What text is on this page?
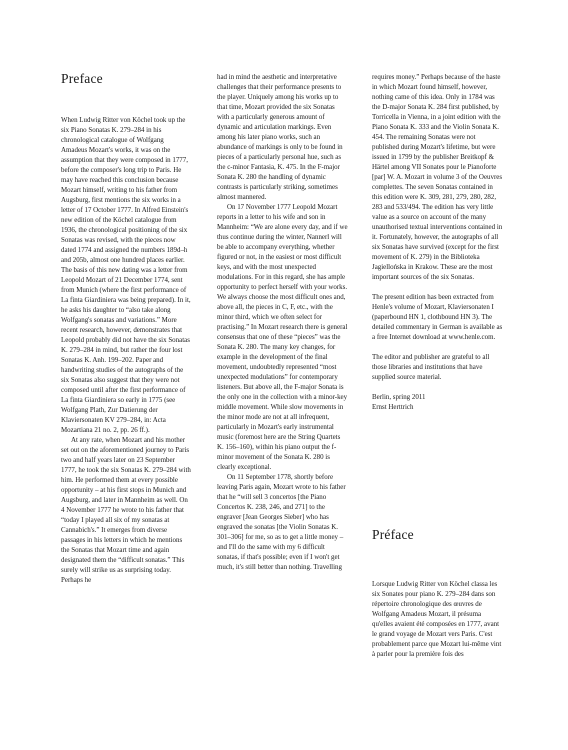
Preface

When Ludwig Ritter von Köchel took up the six Piano Sonatas K. 279–284 in his chronological catalogue of Wolfgang Amadeus Mozart's works, it was on the assumption that they were composed in 1777, before the composer's long trip to Paris. He may have reached this conclusion because Mozart himself, writing to his father from Augsburg, first mentions the six works in a letter of 17 October 1777. In Alfred Einstein's new edition of the Köchel catalogue from 1936, the chronological positioning of the six Sonatas was revised, with the pieces now dated 1774 and assigned the numbers 189d–h and 205b, almost one hundred places earlier. The basis of this new dating was a letter from Leopold Mozart of 21 December 1774, sent from Munich (where the first performance of La finta Giardiniera was being prepared). In it, he asks his daughter to “also take along Wolfgang's sonatas and variations.” More recent research, however, demonstrates that Leopold probably did not have the six Sonatas K. 279–284 in mind, but rather the four lost Sonatas K. Anh. 199–202. Paper and handwriting studies of the autographs of the six Sonatas also suggest that they were not composed until after the first performance of La finta Giardiniera so early in 1775 (see Wolfgang Plath, Zur Datierung der Klaviersonaten KV 279–284, in: Acta Mozartiana 21 no. 2, pp. 26 ff.).

At any rate, when Mozart and his mother set out on the aforementioned journey to Paris two and half years later on 23 September 1777, he took the six Sonatas K. 279–284 with him. He performed them at every possible opportunity – at his first stops in Munich and Augsburg, and later in Mannheim as well. On 4 November 1777 he wrote to his father that “today I played all six of my sonatas at Cannabich's.” It emerges from diverse passages in his letters in which he mentions the Sonatas that Mozart time and again designated them the “difficult sonatas.” This surely will strike us as surprising today. Perhaps he

had in mind the aesthetic and interpretative challenges that their performance presents to the player. Uniquely among his works up to that time, Mozart provided the six Sonatas with a particularly generous amount of dynamic and articulation markings. Even among his later piano works, such an abundance of markings is only to be found in pieces of a particularly personal hue, such as the c-minor Fantasia, K. 475. In the F-major Sonata K. 280 the handling of dynamic contrasts is particularly striking, sometimes almost mannered.

On 17 November 1777 Leopold Mozart reports in a letter to his wife and son in Mannheim: “We are alone every day, and if we thus continue during the winter, Nannerl will be able to accompany everything, whether figured or not, in the easiest or most difficult keys, and with the most unexpected modulations. For in this regard, she has ample opportunity to perfect herself with your works. We always choose the most difficult ones and, above all, the pieces in C, F, etc., with the minor third, which we often select for practising.” In Mozart research there is general consensus that one of these “pieces” was the Sonata K. 280. The many key changes, for example in the development of the final movement, undoubtedly represented “most unexpected modulations” for contemporary listeners. But above all, the F-major Sonata is the only one in the collection with a minor-key middle movement. While slow movements in the minor mode are not at all infrequent, particularly in Mozart's early instrumental music (foremost here are the String Quartets K. 156–160), within his piano output the f-minor movement of the Sonata K. 280 is clearly exceptional.

On 11 September 1778, shortly before leaving Paris again, Mozart wrote to his father that he “will sell 3 concertos [the Piano Concertos K. 238, 246, and 271] to the engraver [Jean Georges Sieber] who has engraved the sonatas [the Violin Sonatas K. 301–306] for me, so as to get a little money – and I'll do the same with my 6 difficult sonatas, if that's possible; even if I won't get much, it's still better than nothing. Travelling

requires money.” Perhaps because of the haste in which Mozart found himself, however, nothing came of this idea. Only in 1784 was the D-major Sonata K. 284 first published, by Torricella in Vienna, in a joint edition with the Piano Sonata K. 333 and the Violin Sonata K. 454. The remaining Sonatas were not published during Mozart's lifetime, but were issued in 1799 by the publisher Breitkopf & Härtel among VII Sonates pour le Pianoforte [par] W. A. Mozart in volume 3 of the Oeuvres complettes. The seven Sonatas contained in this edition were K. 309, 281, 279, 280, 282, 283 and 533/494. The edition has very little value as a source on account of the many unauthorised textual interventions contained in it. Fortunately, however, the autographs of all six Sonatas have survived (except for the first movement of K. 279) in the Biblioteka Jagiellońska in Krakow. These are the most important sources of the six Sonatas.

The present edition has been extracted from Henle's volume of Mozart, Klaviersonaten I (paperbound HN 1, clothbound HN 3). The detailed commentary in German is available as a free Internet download at www.henle.com.

The editor and publisher are grateful to all those libraries and institutions that have supplied source material.

Berlin, spring 2011

Ernst Herttrich

Préface

Lorsque Ludwig Ritter von Köchel classa les six Sonates pour piano K. 279–284 dans son répertoire chronologique des œuvres de Wolfgang Amadeus Mozart, il présuma qu'elles avaient été composées en 1777, avant le grand voyage de Mozart vers Paris. C'est probablement parce que Mozart lui-même vint à parler pour la première fois des
